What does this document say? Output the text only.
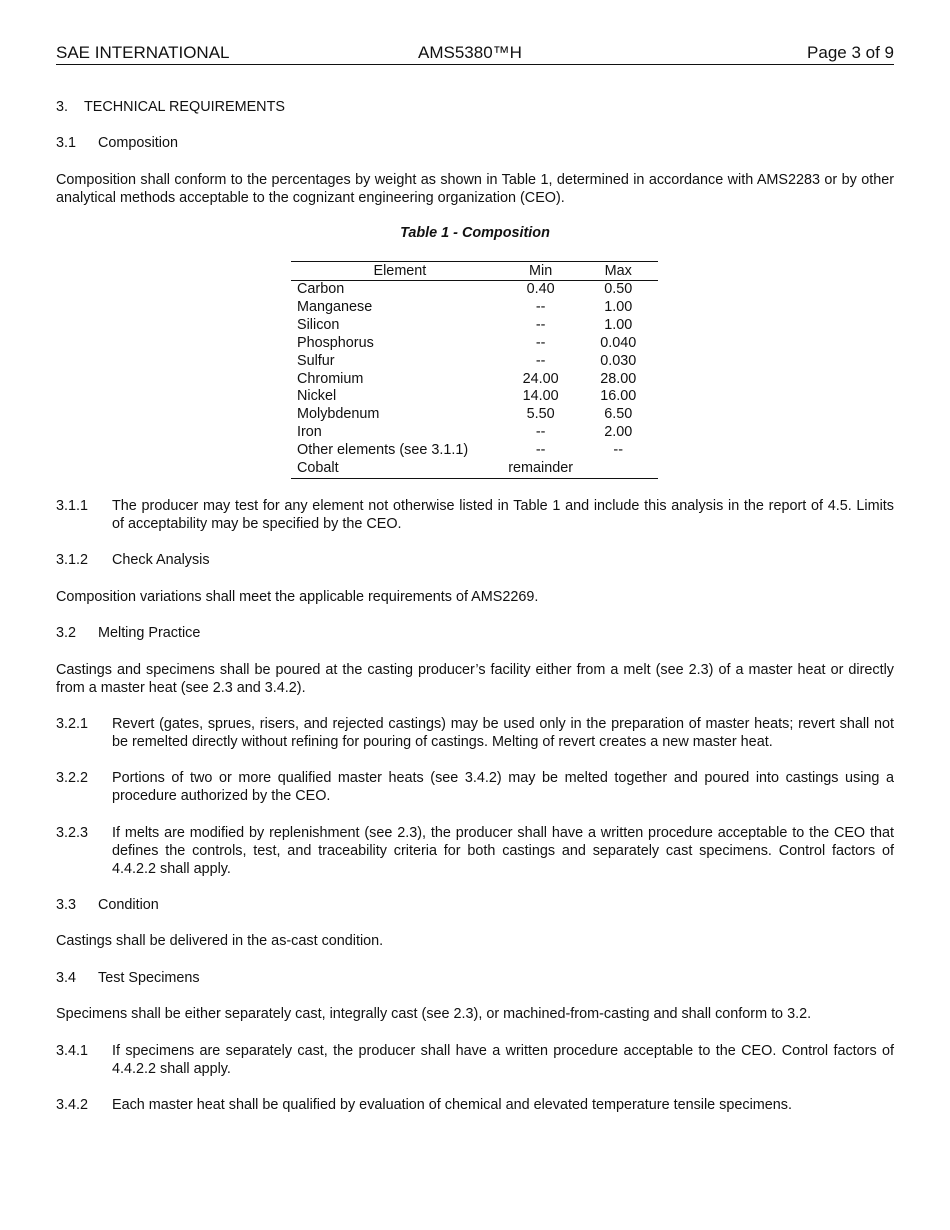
SAE INTERNATIONAL	AMS5380™H	Page 3 of 9
3. TECHNICAL REQUIREMENTS
3.1 Composition
Composition shall conform to the percentages by weight as shown in Table 1, determined in accordance with AMS2283 or by other analytical methods acceptable to the cognizant engineering organization (CEO).
Table 1 - Composition
Element	Min	Max
Carbon	0.40	0.50
Manganese	--	1.00
Silicon	--	1.00
Phosphorus	--	0.040
Sulfur	--	0.030
Chromium	24.00	28.00
Nickel	14.00	16.00
Molybdenum	5.50	6.50
Iron	--	2.00
Other elements (see 3.1.1)	--	--
Cobalt	remainder	
3.1.1 The producer may test for any element not otherwise listed in Table 1 and include this analysis in the report of 4.5. Limits of acceptability may be specified by the CEO.
3.1.2 Check Analysis
Composition variations shall meet the applicable requirements of AMS2269.
3.2 Melting Practice
Castings and specimens shall be poured at the casting producer’s facility either from a melt (see 2.3) of a master heat or directly from a master heat (see 2.3 and 3.4.2).
3.2.1 Revert (gates, sprues, risers, and rejected castings) may be used only in the preparation of master heats; revert shall not be remelted directly without refining for pouring of castings. Melting of revert creates a new master heat.
3.2.2 Portions of two or more qualified master heats (see 3.4.2) may be melted together and poured into castings using a procedure authorized by the CEO.
3.2.3 If melts are modified by replenishment (see 2.3), the producer shall have a written procedure acceptable to the CEO that defines the controls, test, and traceability criteria for both castings and separately cast specimens. Control factors of 4.4.2.2 shall apply.
3.3 Condition
Castings shall be delivered in the as-cast condition.
3.4 Test Specimens
Specimens shall be either separately cast, integrally cast (see 2.3), or machined-from-casting and shall conform to 3.2.
3.4.1 If specimens are separately cast, the producer shall have a written procedure acceptable to the CEO. Control factors of 4.4.2.2 shall apply.
3.4.2 Each master heat shall be qualified by evaluation of chemical and elevated temperature tensile specimens.
